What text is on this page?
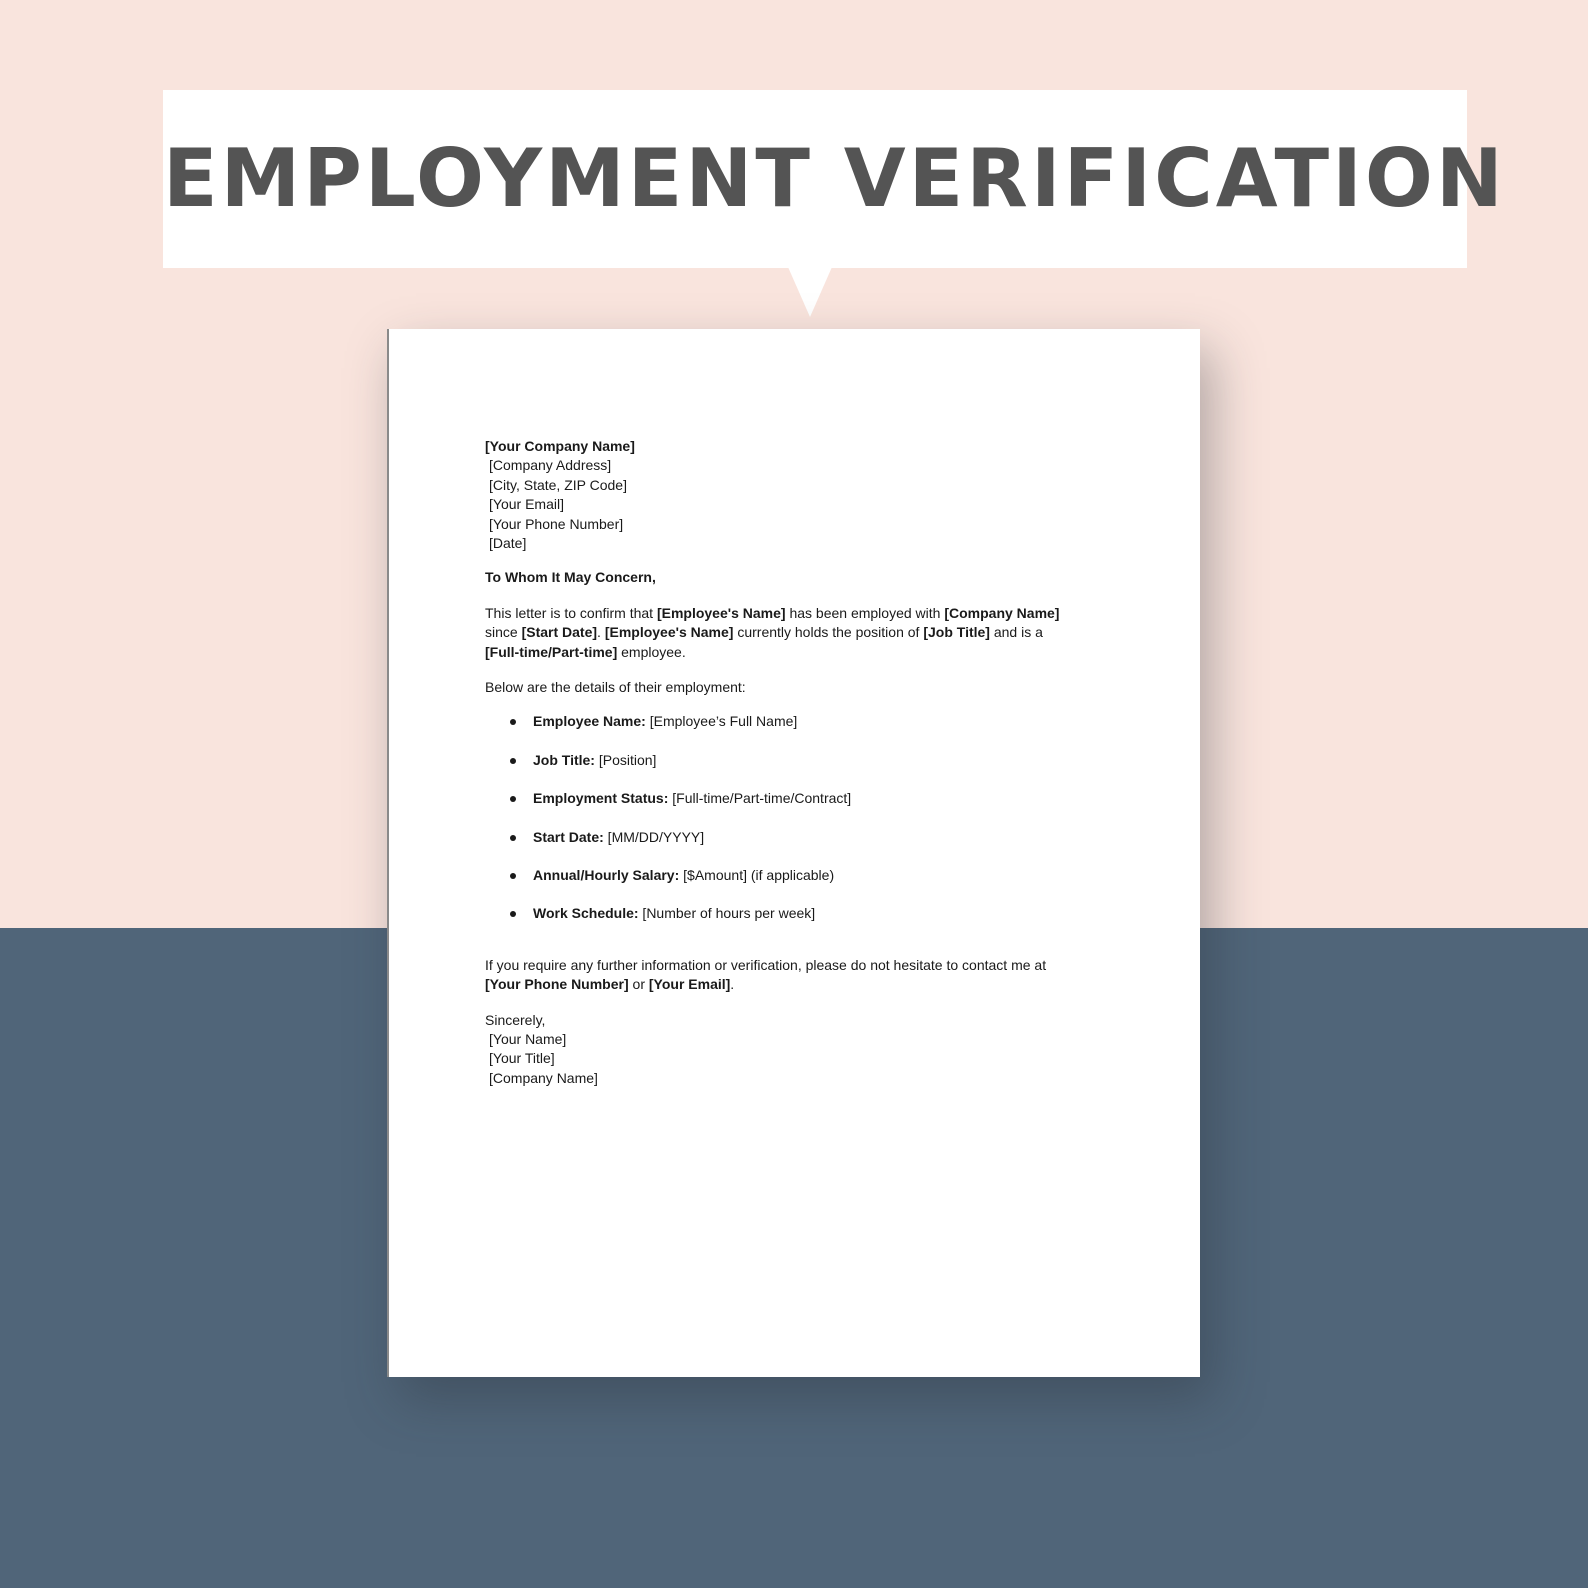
EMPLOYMENT VERIFICATION

[Your Company Name]

[Company Address]

[City, State, ZIP Code]

[Your Email]

[Your Phone Number]

[Date]

To Whom It May Concern,

This letter is to confirm that [Employee's Name] has been employed with [Company Name]
since [Start Date]. [Employee's Name] currently holds the position of [Job Title] and is a
[Full-time/Part-time] employee.

Below are the details of their employment:

Employee Name: [Employee’s Full Name]
Job Title: [Position]
Employment Status: [Full-time/Part-time/Contract]
Start Date: [MM/DD/YYYY]
Annual/Hourly Salary: [$Amount] (if applicable)
Work Schedule: [Number of hours per week]

If you require any further information or verification, please do not hesitate to contact me at
[Your Phone Number] or [Your Email].

Sincerely,

[Your Name]

[Your Title]

[Company Name]
